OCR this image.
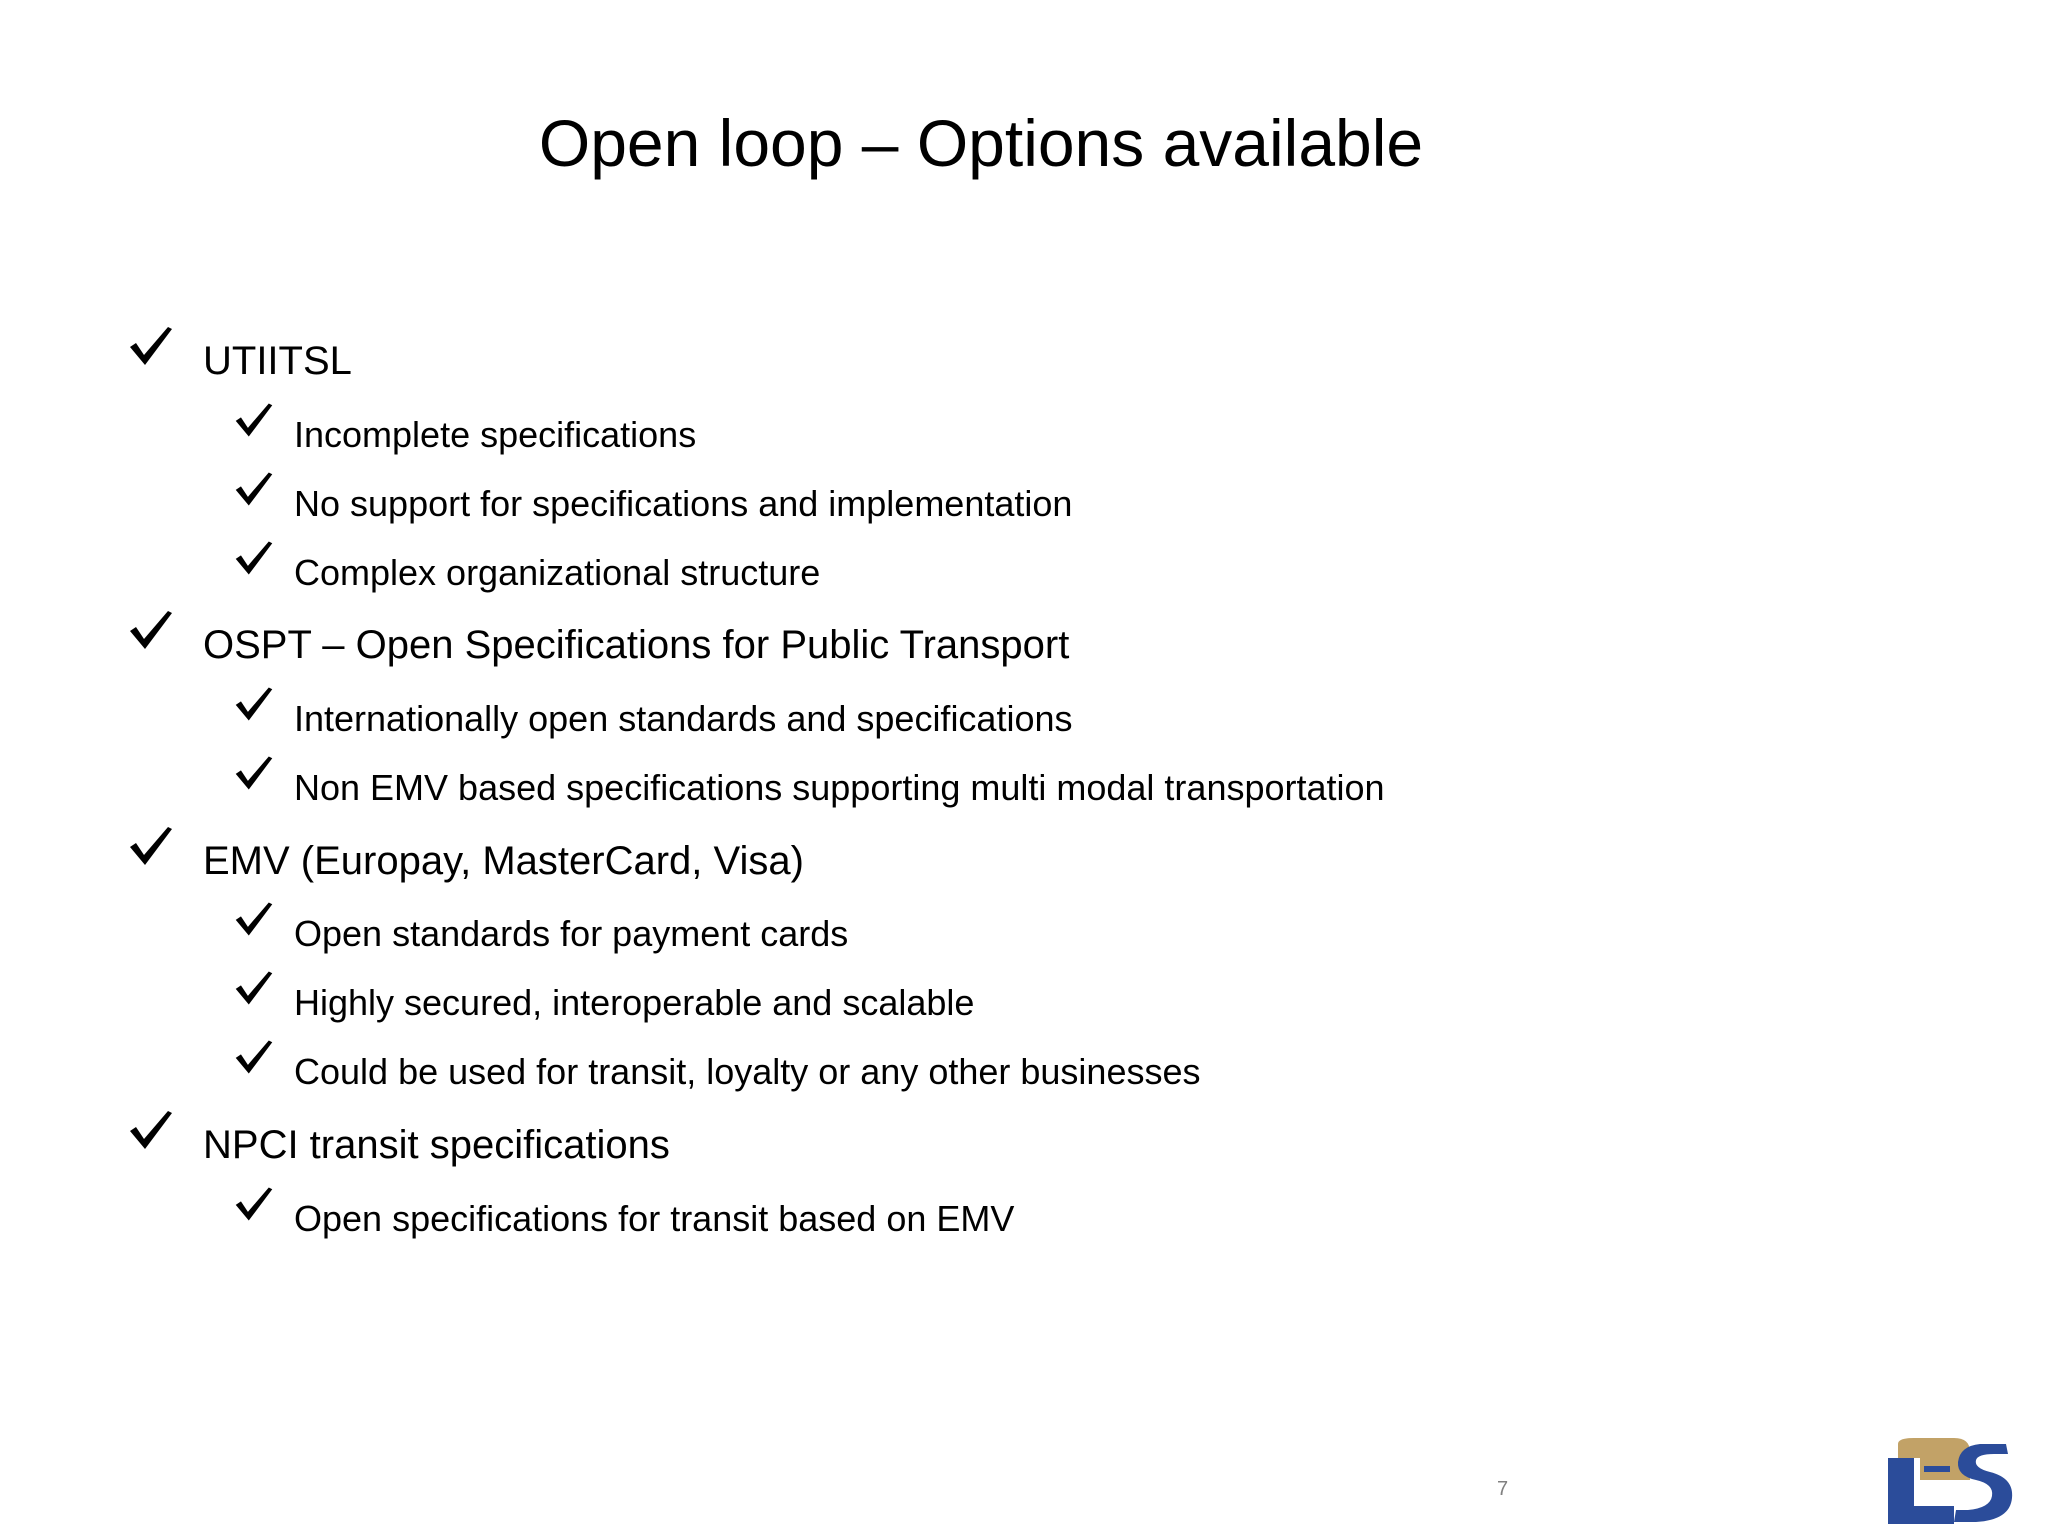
Open loop – Options available
UTIITSL
Incomplete specifications
No support for specifications and implementation
Complex organizational structure
OSPT – Open Specifications for Public Transport
Internationally open standards and specifications
Non EMV based specifications supporting multi modal transportation
EMV (Europay, MasterCard, Visa)
Open standards for payment cards
Highly secured, interoperable and scalable
Could be used for transit, loyalty or any other businesses
NPCI transit specifications
Open specifications for transit based on EMV
7
